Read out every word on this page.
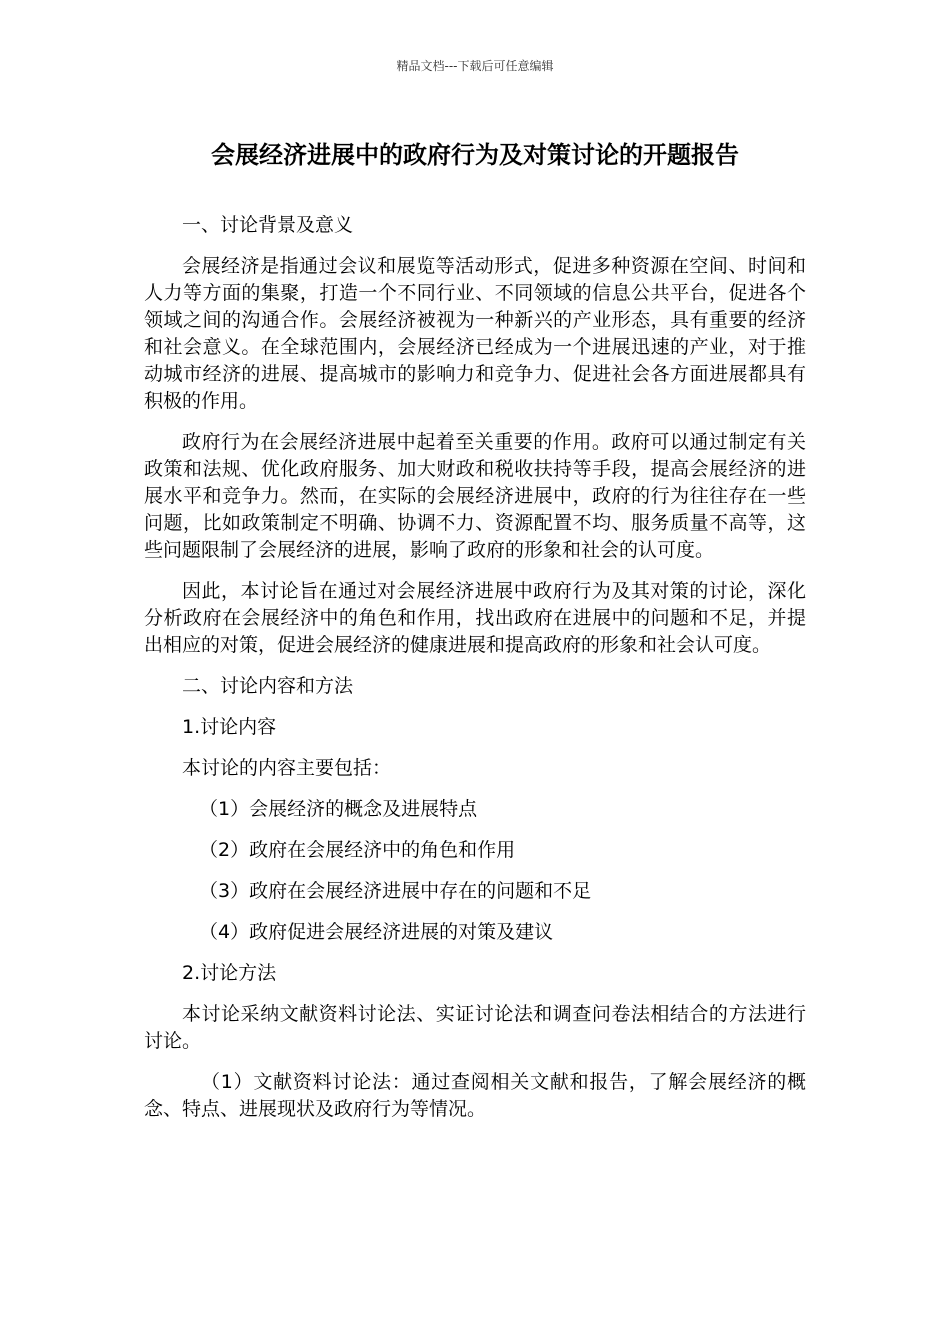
精品文档---下载后可任意编辑
会展经济进展中的政府行为及对策讨论的开题报告

一、讨论背景及意义

会展经济是指通过会议和展览等活动形式，促进多种资源在空间、时间和人力等方面的集聚，打造一个不同行业、不同领域的信息公共平台，促进各个领域之间的沟通合作。会展经济被视为一种新兴的产业形态，具有重要的经济和社会意义。在全球范围内，会展经济已经成为一个进展迅速的产业，对于推动城市经济的进展、提高城市的影响力和竞争力、促进社会各方面进展都具有积极的作用。

政府行为在会展经济进展中起着至关重要的作用。政府可以通过制定有关政策和法规、优化政府服务、加大财政和税收扶持等手段，提高会展经济的进展水平和竞争力。然而，在实际的会展经济进展中，政府的行为往往存在一些问题，比如政策制定不明确、协调不力、资源配置不均、服务质量不高等，这些问题限制了会展经济的进展，影响了政府的形象和社会的认可度。

因此，本讨论旨在通过对会展经济进展中政府行为及其对策的讨论，深化分析政府在会展经济中的角色和作用，找出政府在进展中的问题和不足，并提出相应的对策，促进会展经济的健康进展和提高政府的形象和社会认可度。

二、讨论内容和方法

1.讨论内容

本讨论的内容主要包括：

（1）会展经济的概念及进展特点

（2）政府在会展经济中的角色和作用

（3）政府在会展经济进展中存在的问题和不足

（4）政府促进会展经济进展的对策及建议

2.讨论方法

本讨论采纳文献资料讨论法、实证讨论法和调查问卷法相结合的方法进行讨论。

（1）文献资料讨论法：通过查阅相关文献和报告，了解会展经济的概念、特点、进展现状及政府行为等情况。
